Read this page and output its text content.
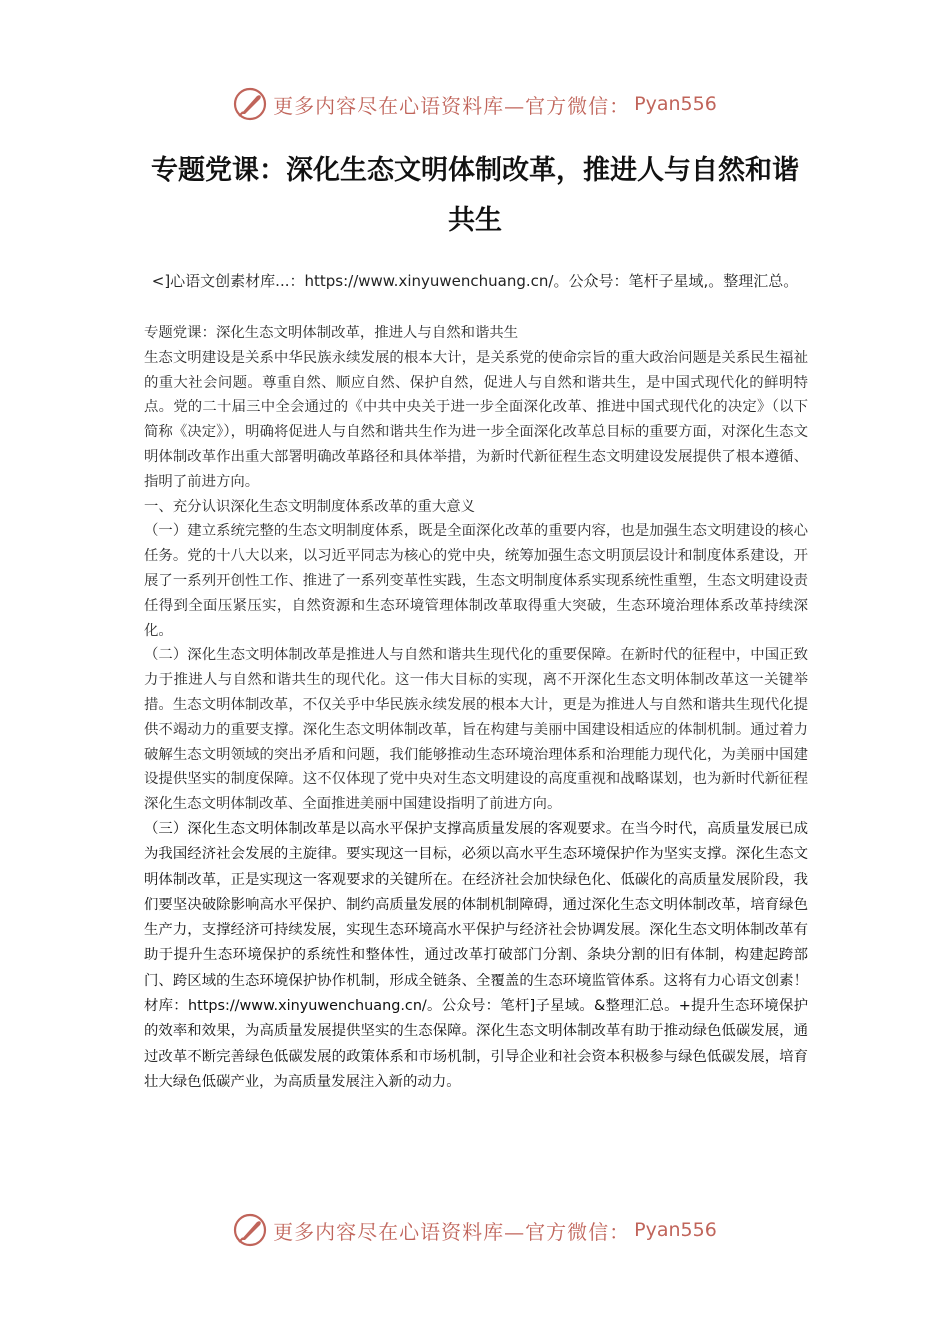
更多内容尽在心语资料库—官方微信： Pyan556
专题党课：深化生态文明体制改革，推进人与自然和谐共生
<]心语文创素材库...：https://www.xinyuwenchuang.cn/。公众号：笔杆子星域,。整理汇总。

专题党课：深化生态文明体制改革，推进人与自然和谐共生

生态文明建设是关系中华民族永续发展的根本大计，是关系党的使命宗旨的重大政治问题是关系民生福祉的重大社会问题。尊重自然、顺应自然、保护自然，促进人与自然和谐共生，是中国式现代化的鲜明特点。党的二十届三中全会通过的《中共中央关于进一步全面深化改革、推进中国式现代化的决定》（以下简称《决定》），明确将促进人与自然和谐共生作为进一步全面深化改革总目标的重要方面，对深化生态文明体制改革作出重大部署明确改革路径和具体举措，为新时代新征程生态文明建设发展提供了根本遵循、指明了前进方向。

一、充分认识深化生态文明制度体系改革的重大意义

（一）建立系统完整的生态文明制度体系，既是全面深化改革的重要内容，也是加强生态文明建设的核心任务。党的十八大以来，以习近平同志为核心的党中央，统筹加强生态文明顶层设计和制度体系建设，开展了一系列开创性工作、推进了一系列变革性实践，生态文明制度体系实现系统性重塑，生态文明建设责任得到全面压紧压实，自然资源和生态环境管理体制改革取得重大突破，生态环境治理体系改革持续深化。

（二）深化生态文明体制改革是推进人与自然和谐共生现代化的重要保障。在新时代的征程中，中国正致力于推进人与自然和谐共生的现代化。这一伟大目标的实现，离不开深化生态文明体制改革这一关键举措。生态文明体制改革，不仅关乎中华民族永续发展的根本大计，更是为推进人与自然和谐共生现代化提供不竭动力的重要支撑。深化生态文明体制改革，旨在构建与美丽中国建设相适应的体制机制。通过着力破解生态文明领域的突出矛盾和问题，我们能够推动生态环境治理体系和治理能力现代化，为美丽中国建设提供坚实的制度保障。这不仅体现了党中央对生态文明建设的高度重视和战略谋划，也为新时代新征程深化生态文明体制改革、全面推进美丽中国建设指明了前进方向。

（三）深化生态文明体制改革是以高水平保护支撑高质量发展的客观要求。在当今时代，高质量发展已成为我国经济社会发展的主旋律。要实现这一目标，必须以高水平生态环境保护作为坚实支撑。深化生态文明体制改革，正是实现这一客观要求的关键所在。在经济社会加快绿色化、低碳化的高质量发展阶段，我们要坚决破除影响高水平保护、制约高质量发展的体制机制障碍，通过深化生态文明体制改革，培育绿色生产力，支撑经济可持续发展，实现生态环境高水平保护与经济社会协调发展。深化生态文明体制改革有助于提升生态环境保护的系统性和整体性，通过改革打破部门分割、条块分割的旧有体制，构建起跨部门、跨区域的生态环境保护协作机制，形成全链条、全覆盖的生态环境监管体系。这将有力心语文创素！材库：https://www.xinyuwenchuang.cn/。公众号：笔杆]子星域。&整理汇总。+提升生态环境保护的效率和效果，为高质量发展提供坚实的生态保障。深化生态文明体制改革有助于推动绿色低碳发展，通过改革不断完善绿色低碳发展的政策体系和市场机制，引导企业和社会资本积极参与绿色低碳发展，培育壮大绿色低碳产业，为高质量发展注入新的动力。

更多内容尽在心语资料库—官方微信： Pyan556
